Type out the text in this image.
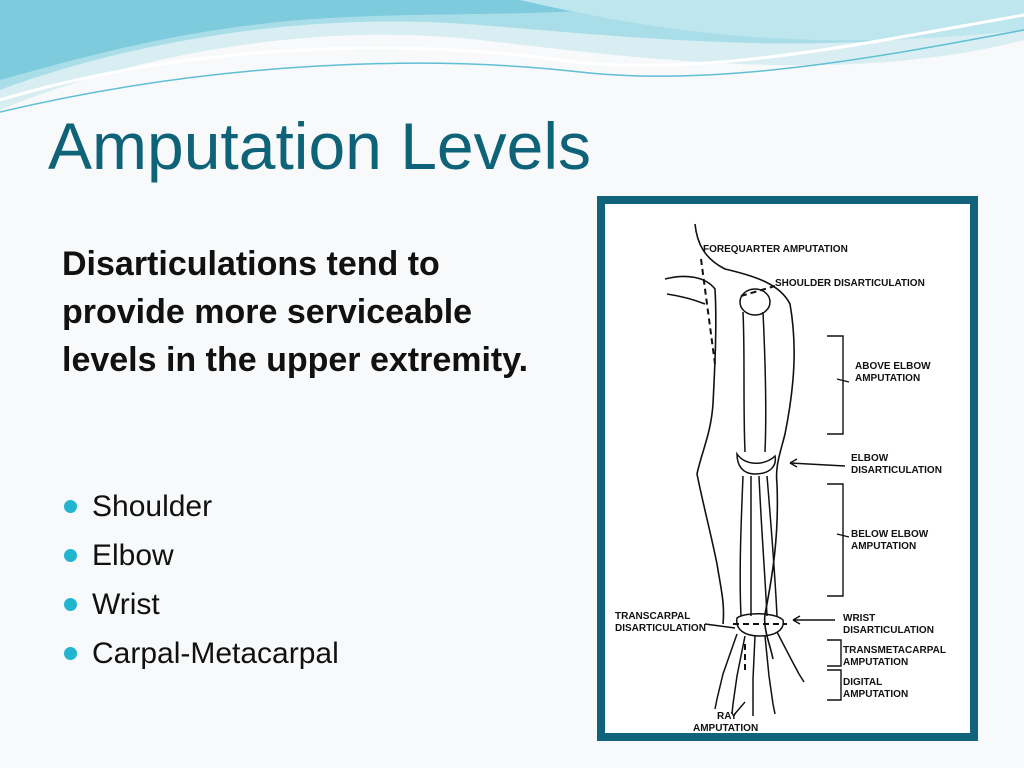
Amputation Levels
Disarticulations tend to provide more serviceable levels in the upper extremity.
Shoulder
Elbow
Wrist
Carpal-Metacarpal
FOREQUARTER AMPUTATION
SHOULDER DISARTICULATION
ABOVE ELBOW
AMPUTATION
ELBOW
DISARTICULATION
BELOW ELBOW
AMPUTATION
TRANSCARPAL
DISARTICULATION
WRIST
DISARTICULATION
TRANSMETACARPAL
AMPUTATION
DIGITAL
AMPUTATION
RAY
AMPUTATION
